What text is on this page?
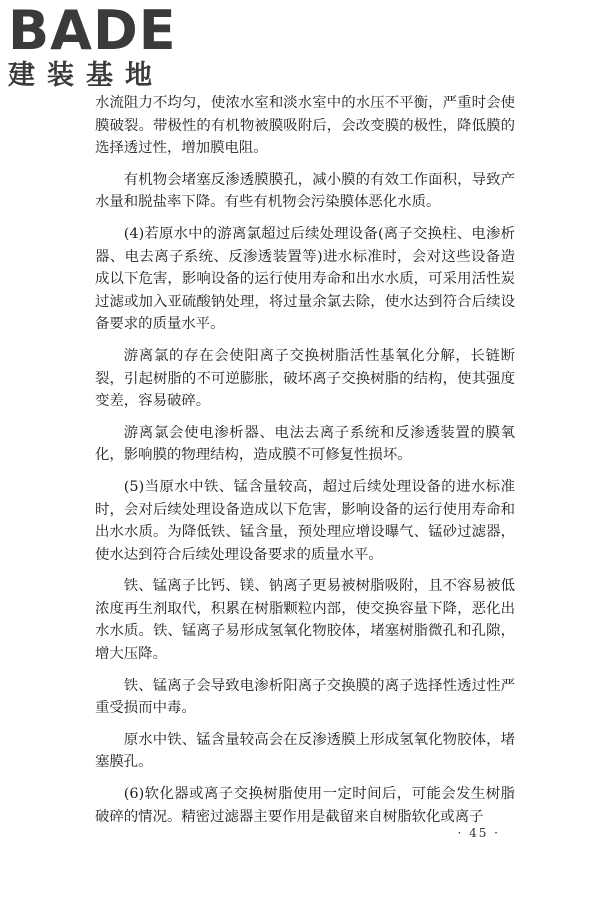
BADE
建装基地

水流阻力不均匀，使浓水室和淡水室中的水压不平衡，严重时会使膜破裂。带极性的有机物被膜吸附后，会改变膜的极性，降低膜的选择透过性，增加膜电阻。

有机物会堵塞反渗透膜膜孔，减小膜的有效工作面积，导致产水量和脱盐率下降。有些有机物会污染膜体恶化水质。

(4)若原水中的游离氯超过后续处理设备(离子交换柱、电渗析器、电去离子系统、反渗透装置等)进水标准时，会对这些设备造成以下危害，影响设备的运行使用寿命和出水水质，可采用活性炭过滤或加入亚硫酸钠处理，将过量余氯去除，使水达到符合后续设备要求的质量水平。

游离氯的存在会使阳离子交换树脂活性基氧化分解，长链断裂，引起树脂的不可逆膨胀，破坏离子交换树脂的结构，使其强度变差，容易破碎。

游离氯会使电渗析器、电法去离子系统和反渗透装置的膜氧化，影响膜的物理结构，造成膜不可修复性损坏。

(5)当原水中铁、锰含量较高，超过后续处理设备的进水标准时，会对后续处理设备造成以下危害，影响设备的运行使用寿命和出水水质。为降低铁、锰含量，预处理应增设曝气、锰砂过滤器，使水达到符合后续处理设备要求的质量水平。

铁、锰离子比钙、镁、钠离子更易被树脂吸附，且不容易被低浓度再生剂取代，积累在树脂颗粒内部，使交换容量下降，恶化出水水质。铁、锰离子易形成氢氧化物胶体，堵塞树脂微孔和孔隙，增大压降。

铁、锰离子会导致电渗析阳离子交换膜的离子选择性透过性严重受损而中毒。

原水中铁、锰含量较高会在反渗透膜上形成氢氧化物胶体，堵塞膜孔。

(6)软化器或离子交换树脂使用一定时间后，可能会发生树脂破碎的情况。精密过滤器主要作用是截留来自树脂软化或离子

· 45 ·
